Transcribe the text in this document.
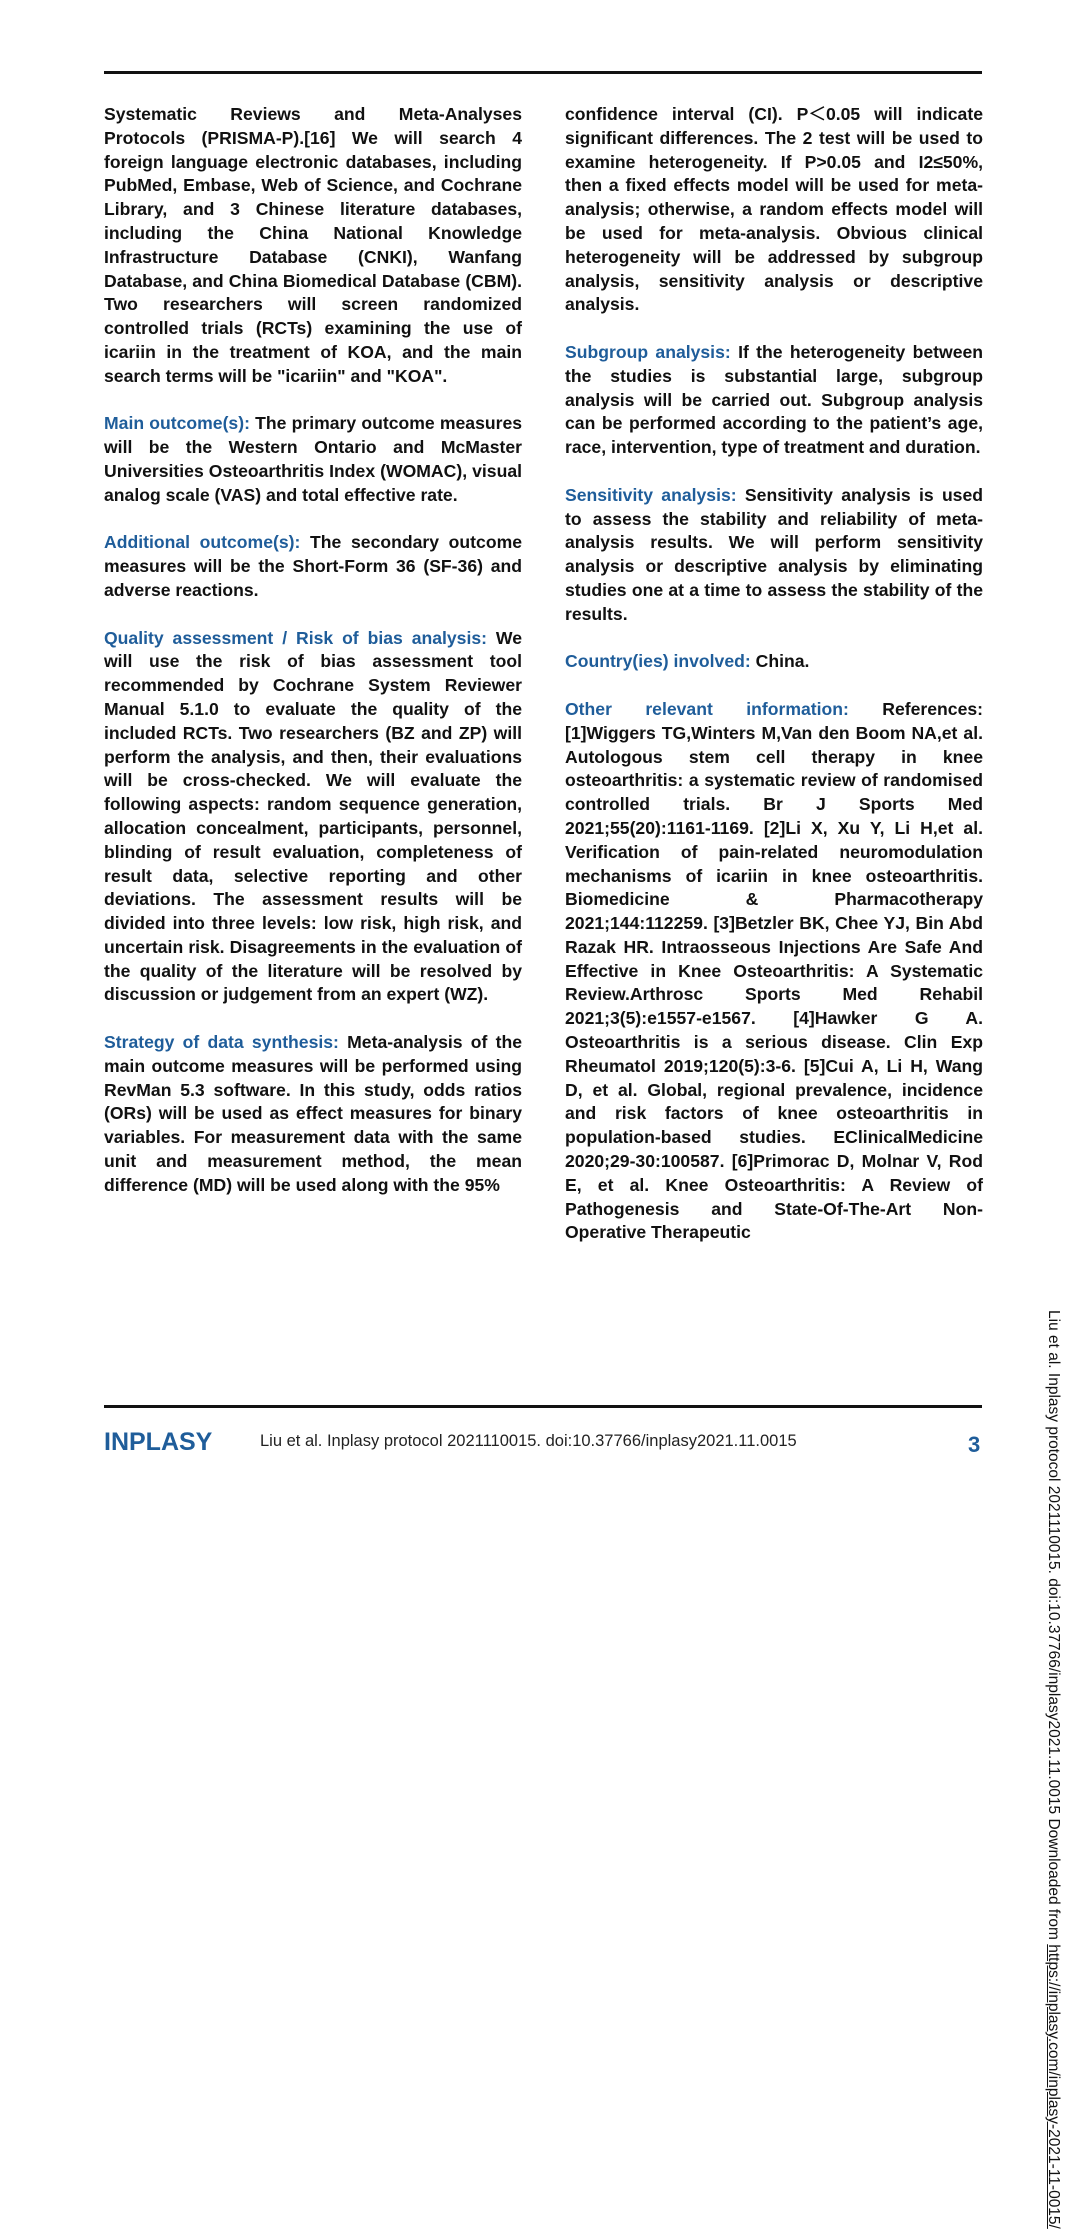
Systematic Reviews and Meta-Analyses Protocols (PRISMA-P).[16] We will search 4 foreign language electronic databases, including PubMed, Embase, Web of Science, and Cochrane Library, and 3 Chinese literature databases, including the China National Knowledge Infrastructure Database (CNKI), Wanfang Database, and China Biomedical Database (CBM). Two researchers will screen randomized controlled trials (RCTs) examining the use of icariin in the treatment of KOA, and the main search terms will be "icariin" and "KOA".

Main outcome(s): The primary outcome measures will be the Western Ontario and McMaster Universities Osteoarthritis Index (WOMAC), visual analog scale (VAS) and total effective rate.

Additional outcome(s): The secondary outcome measures will be the Short-Form 36 (SF-36) and adverse reactions.

Quality assessment / Risk of bias analysis: We will use the risk of bias assessment tool recommended by Cochrane System Reviewer Manual 5.1.0 to evaluate the quality of the included RCTs. Two researchers (BZ and ZP) will perform the analysis, and then, their evaluations will be cross-checked. We will evaluate the following aspects: random sequence generation, allocation concealment, participants, personnel, blinding of result evaluation, completeness of result data, selective reporting and other deviations. The assessment results will be divided into three levels: low risk, high risk, and uncertain risk. Disagreements in the evaluation of the quality of the literature will be resolved by discussion or judgement from an expert (WZ).

Strategy of data synthesis: Meta-analysis of the main outcome measures will be performed using RevMan 5.3 software. In this study, odds ratios (ORs) will be used as effect measures for binary variables. For measurement data with the same unit and measurement method, the mean difference (MD) will be used along with the 95%

confidence interval (CI). P＜0.05 will indicate significant differences. The 2 test will be used to examine heterogeneity. If P>0.05 and I2≤50%, then a fixed effects model will be used for meta-analysis; otherwise, a random effects model will be used for meta-analysis. Obvious clinical heterogeneity will be addressed by subgroup analysis, sensitivity analysis or descriptive analysis.

Subgroup analysis: If the heterogeneity between the studies is substantial large, subgroup analysis will be carried out. Subgroup analysis can be performed according to the patient’s age, race, intervention, type of treatment and duration.

Sensitivity analysis: Sensitivity analysis is used to assess the stability and reliability of meta-analysis results. We will perform sensitivity analysis or descriptive analysis by eliminating studies one at a time to assess the stability of the results.

Country(ies) involved: China.

Other relevant information: References: [1]Wiggers TG,Winters M,Van den Boom NA,et al. Autologous stem cell therapy in knee osteoarthritis: a systematic review of randomised controlled trials. Br J Sports Med 2021;55(20):1161-1169. [2]Li X, Xu Y, Li H,et al. Verification of pain-related neuromodulation mechanisms of icariin in knee osteoarthritis. Biomedicine & Pharmacotherapy 2021;144:112259. [3]Betzler BK, Chee YJ, Bin Abd Razak HR. Intraosseous Injections Are Safe And Effective in Knee Osteoarthritis: A Systematic Review.Arthrosc Sports Med Rehabil 2021;3(5):e1557-e1567. [4]Hawker G A. Osteoarthritis is a serious disease. Clin Exp Rheumatol 2019;120(5):3-6. [5]Cui A, Li H, Wang D, et al. Global, regional prevalence, incidence and risk factors of knee osteoarthritis in population-based studies. EClinicalMedicine 2020;29-30:100587. [6]Primorac D, Molnar V, Rod E, et al. Knee Osteoarthritis: A Review of Pathogenesis and State-Of-The-Art Non-Operative Therapeutic

Liu et al. Inplasy protocol 2021110015. doi:10.37766/inplasy2021.11.0015 Downloaded from https://inplasy.com/inplasy-2021-11-0015/
INPLASY	Liu et al. Inplasy protocol 2021110015. doi:10.37766/inplasy2021.11.0015	3
